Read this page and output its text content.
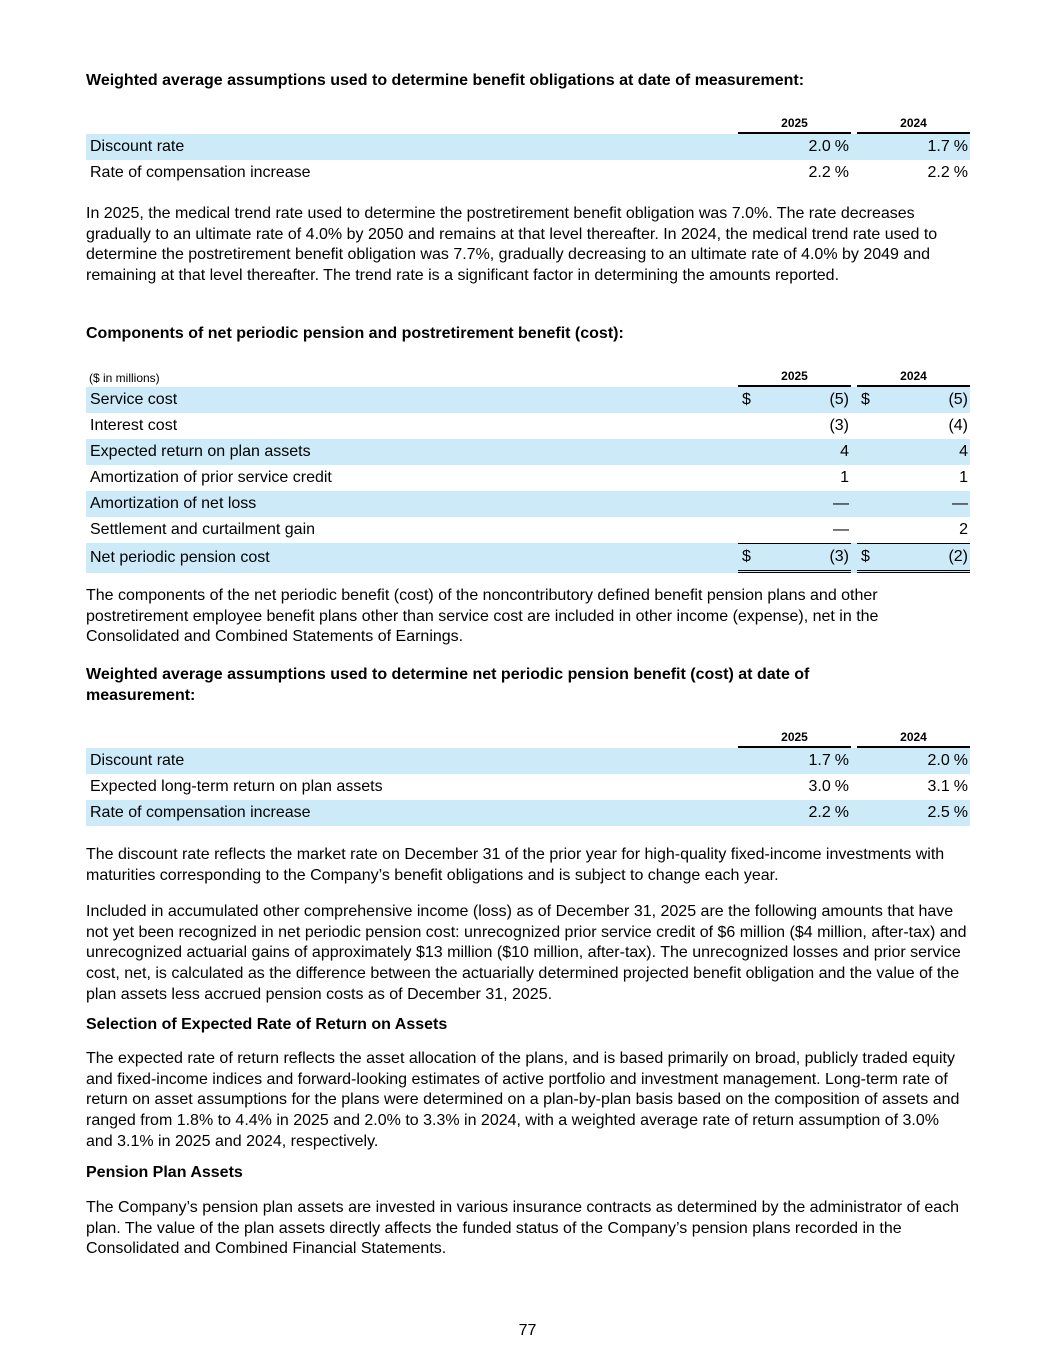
Weighted average assumptions used to determine benefit obligations at date of measurement:

	2025		2024
Discount rate	2.0 %		1.7 %
Rate of compensation increase	2.2 %		2.2 %

In 2025, the medical trend rate used to determine the postretirement benefit obligation was 7.0%. The rate decreases gradually to an ultimate rate of 4.0% by 2050 and remains at that level thereafter. In 2024, the medical trend rate used to determine the postretirement benefit obligation was 7.7%, gradually decreasing to an ultimate rate of 4.0% by 2049 and remaining at that level thereafter. The trend rate is a significant factor in determining the amounts reported.

Components of net periodic pension and postretirement benefit (cost):

($ in millions)	2025		2024
Service cost	$ (5)		$ (5)
Interest cost	(3)		(4)
Expected return on plan assets	4		4
Amortization of prior service credit	1		1
Amortization of net loss	—		—
Settlement and curtailment gain	—		2
Net periodic pension cost	$ (3)		$ (2)

The components of the net periodic benefit (cost) of the noncontributory defined benefit pension plans and other postretirement employee benefit plans other than service cost are included in other income (expense), net in the Consolidated and Combined Statements of Earnings.

Weighted average assumptions used to determine net periodic pension benefit (cost) at date of measurement:

	2025		2024
Discount rate	1.7 %		2.0 %
Expected long-term return on plan assets	3.0 %		3.1 %
Rate of compensation increase	2.2 %		2.5 %

The discount rate reflects the market rate on December 31 of the prior year for high-quality fixed-income investments with maturities corresponding to the Company’s benefit obligations and is subject to change each year.

Included in accumulated other comprehensive income (loss) as of December 31, 2025 are the following amounts that have not yet been recognized in net periodic pension cost: unrecognized prior service credit of $6 million ($4 million, after-tax) and unrecognized actuarial gains of approximately $13 million ($10 million, after-tax). The unrecognized losses and prior service cost, net, is calculated as the difference between the actuarially determined projected benefit obligation and the value of the plan assets less accrued pension costs as of December 31, 2025.

Selection of Expected Rate of Return on Assets

The expected rate of return reflects the asset allocation of the plans, and is based primarily on broad, publicly traded equity and fixed-income indices and forward-looking estimates of active portfolio and investment management. Long-term rate of return on asset assumptions for the plans were determined on a plan-by-plan basis based on the composition of assets and ranged from 1.8% to 4.4% in 2025 and 2.0% to 3.3% in 2024, with a weighted average rate of return assumption of 3.0% and 3.1% in 2025 and 2024, respectively.

Pension Plan Assets

The Company’s pension plan assets are invested in various insurance contracts as determined by the administrator of each plan. The value of the plan assets directly affects the funded status of the Company’s pension plans recorded in the Consolidated and Combined Financial Statements.

77
